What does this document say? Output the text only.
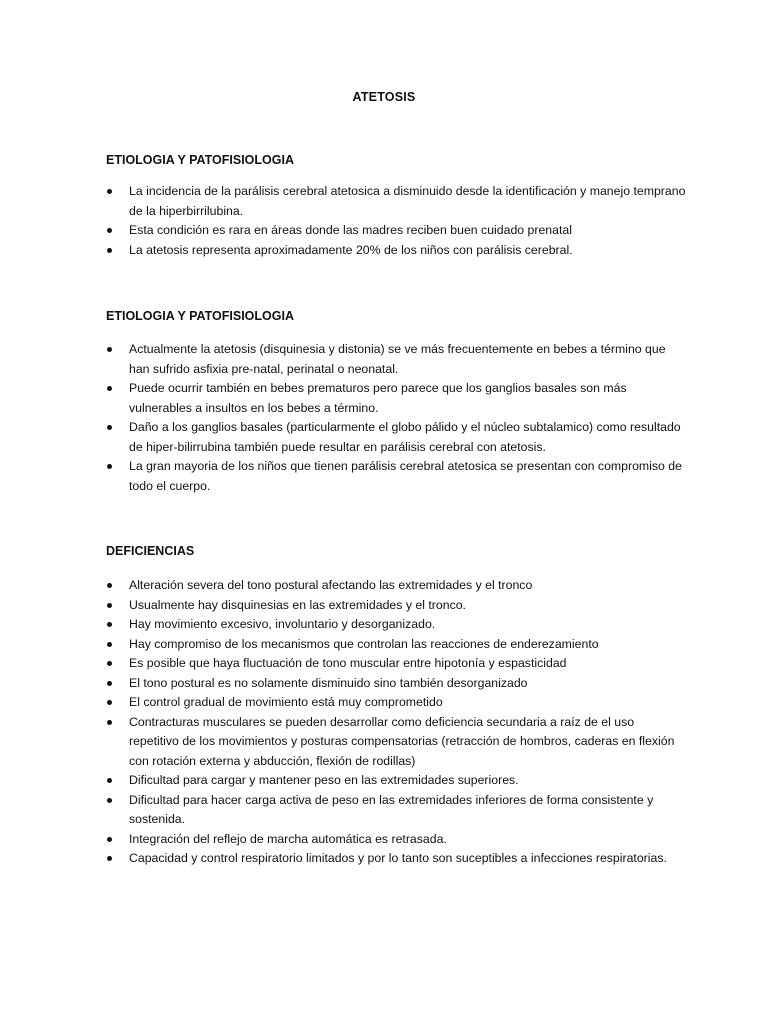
ATETOSIS
ETIOLOGIA Y PATOFISIOLOGIA
La incidencia de la parálisis cerebral atetosica a disminuido desde la identificación y manejo temprano de la hiperbirrilubina.
Esta condición es rara en áreas donde las madres reciben buen cuidado prenatal
La atetosis representa aproximadamente 20% de los niños con parálisis cerebral.
ETIOLOGIA Y PATOFISIOLOGIA
Actualmente la atetosis (disquinesia y distonia) se ve más frecuentemente en bebes a término que han sufrido asfixia pre-natal, perinatal o neonatal.
Puede ocurrir también en bebes prematuros pero parece que los ganglios basales son más vulnerables a insultos en los bebes a término.
Daño a los ganglios basales (particularmente el globo pálido y el núcleo subtalamico) como resultado de hiper-bilirrubina también puede resultar en parálisis cerebral con atetosis.
La gran mayoria de los niños que tienen parálisis cerebral atetosica se presentan con compromiso de todo el cuerpo.
DEFICIENCIAS
Alteración severa del tono postural afectando las extremidades y el tronco
Usualmente hay disquinesias en las extremidades y el tronco.
Hay movimiento excesivo, involuntario y desorganizado.
Hay compromiso de los mecanismos que controlan las reacciones de enderezamiento
Es posible que haya fluctuación de tono muscular entre hipotonía y espasticidad
El tono postural es no solamente disminuido sino también desorganizado
El control gradual de movimiento está muy comprometido
Contracturas musculares se pueden desarrollar como deficiencia secundaria a raíz de el uso repetitivo de los movimientos y posturas compensatorias (retracción de hombros, caderas en flexión con rotación externa y abducción, flexión de rodillas)
Dificultad para cargar y mantener peso en las extremidades superiores.
Dificultad para hacer carga activa de peso en las extremidades inferiores de forma consistente y sostenida.
Integración del reflejo de marcha automática es retrasada.
Capacidad y control respiratorio limitados y por lo tanto son suceptibles a infecciones respiratorias.
